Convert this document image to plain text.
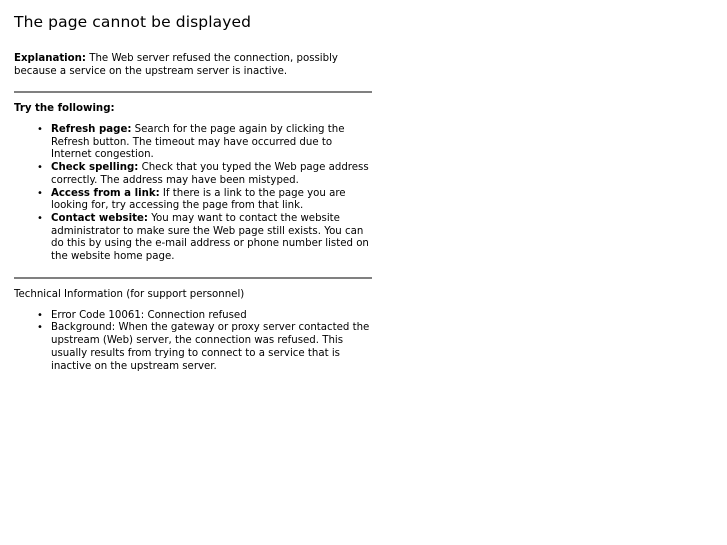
The page cannot be displayed

Explanation: The Web server refused the connection, possibly because a service on the upstream server is inactive.

Try the following:

• Refresh page: Search for the page again by clicking the Refresh button. The timeout may have occurred due to Internet congestion.
• Check spelling: Check that you typed the Web page address correctly. The address may have been mistyped.
• Access from a link: If there is a link to the page you are looking for, try accessing the page from that link.
• Contact website: You may want to contact the website administrator to make sure the Web page still exists. You can do this by using the e-mail address or phone number listed on the website home page.

Technical Information (for support personnel)

• Error Code 10061: Connection refused
• Background: When the gateway or proxy server contacted the upstream (Web) server, the connection was refused. This usually results from trying to connect to a service that is inactive on the upstream server.
